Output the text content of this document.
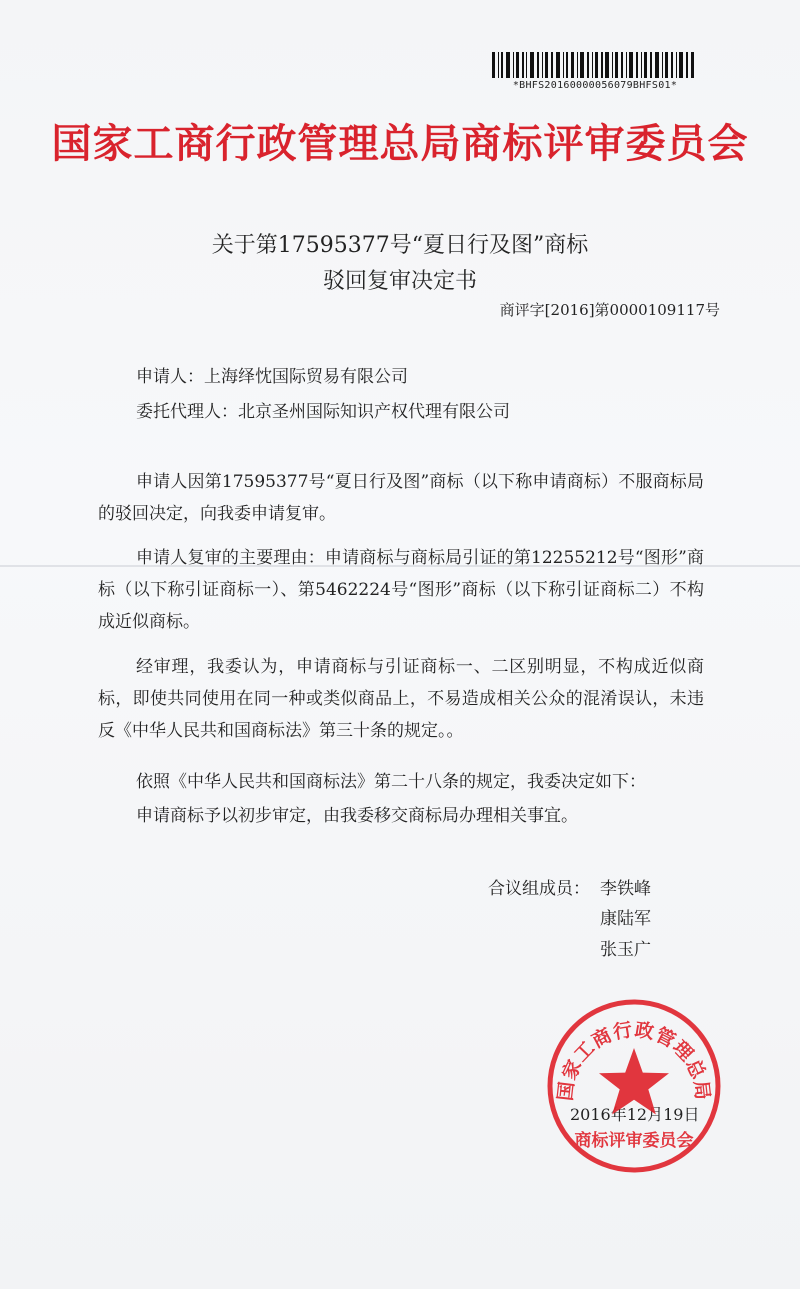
*BHFS20160000056079BHFS01*
国家工商行政管理总局商标评审委员会
关于第17595377号“夏日行及图”商标
驳回复审决定书
商评字[2016]第0000109117号
申请人：上海绎忱国际贸易有限公司
委托代理人：北京圣州国际知识产权代理有限公司

申请人因第17595377号“夏日行及图”商标（以下称申请商标）不服商标局的驳回决定，向我委申请复审。

申请人复审的主要理由：申请商标与商标局引证的第12255212号“图形”商标（以下称引证商标一）、第5462224号“图形”商标（以下称引证商标二）不构成近似商标。

经审理，我委认为，申请商标与引证商标一、二区别明显，不构成近似商标，即使共同使用在同一种或类似商品上，不易造成相关公众的混淆误认，未违反《中华人民共和国商标法》第三十条的规定。。

依照《中华人民共和国商标法》第二十八条的规定，我委决定如下：

申请商标予以初步审定，由我委移交商标局办理相关事宜。

合议组成员： 李铁峰
康陆军
张玉广
2016年12月19日
国家工商行政管理总局
商标评审委员会
